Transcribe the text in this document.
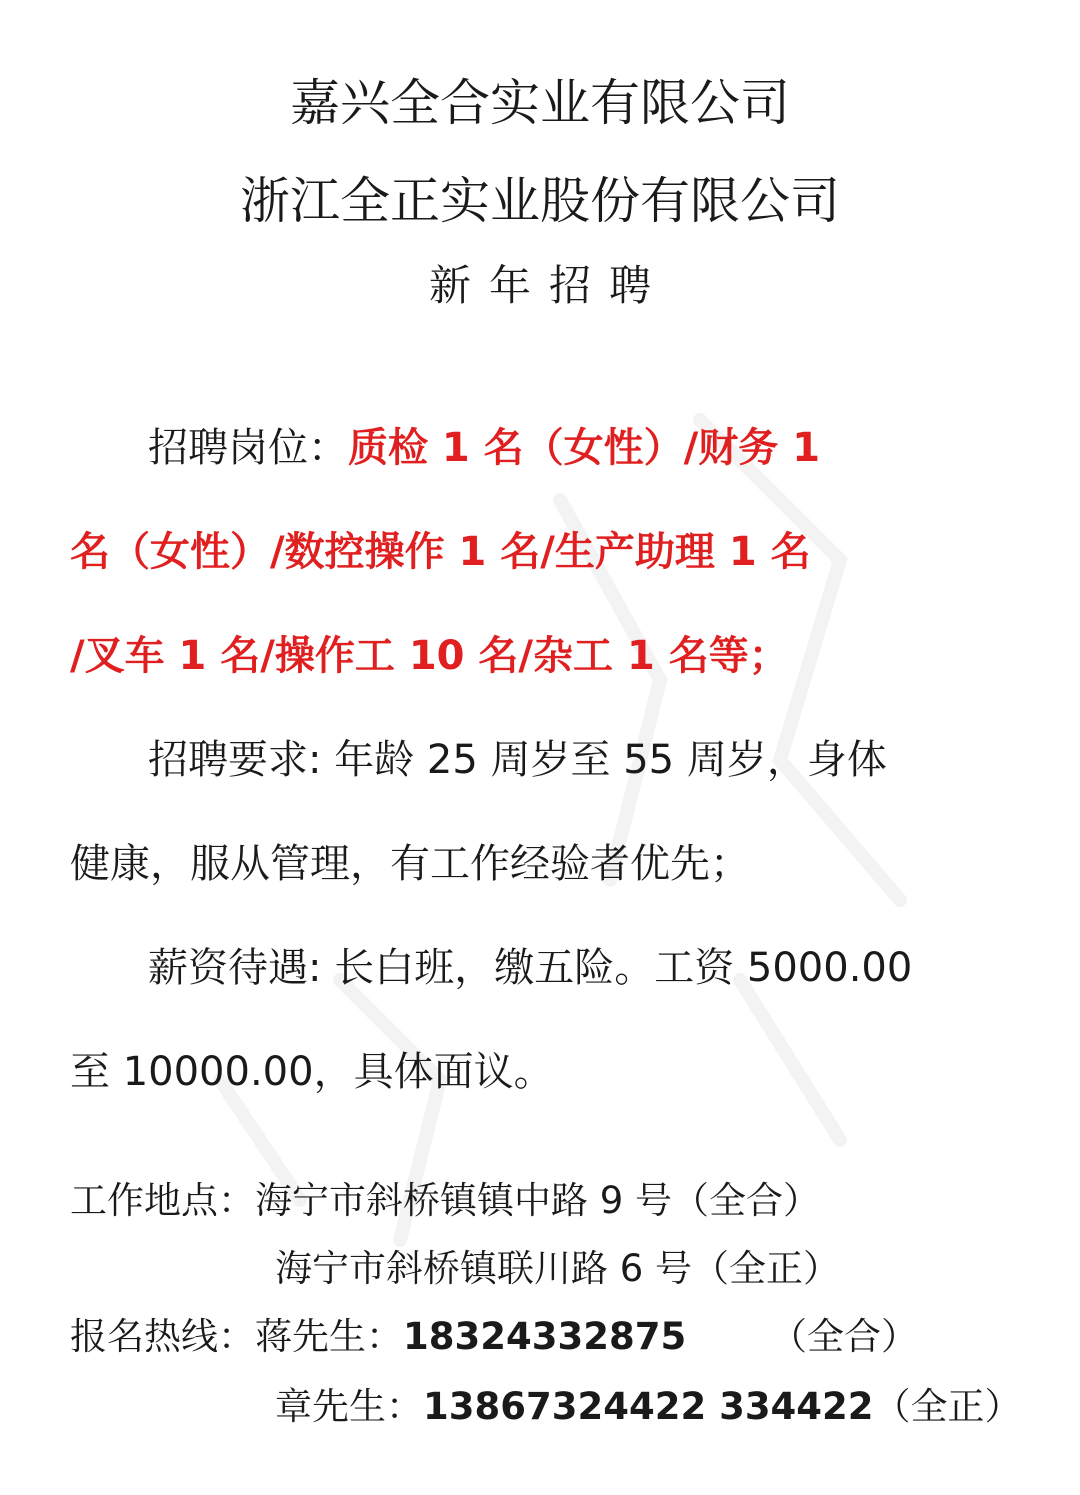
嘉兴全合实业有限公司
浙江全正实业股份有限公司
新年招聘
招聘岗位：质检 1 名（女性）/财务 1
名（女性）/数控操作 1 名/生产助理 1 名
/叉车 1 名/操作工 10 名/杂工 1 名等；
招聘要求: 年龄 25 周岁至 55 周岁，身体
健康，服从管理，有工作经验者优先；
薪资待遇: 长白班，缴五险。工资 5000.00
至 10000.00，具体面议。
工作地点：海宁市斜桥镇镇中路 9 号（全合）
海宁市斜桥镇联川路 6 号（全正）
报名热线：蒋先生：18324332875 （全合）
章先生：13867324422 334422（全正）
